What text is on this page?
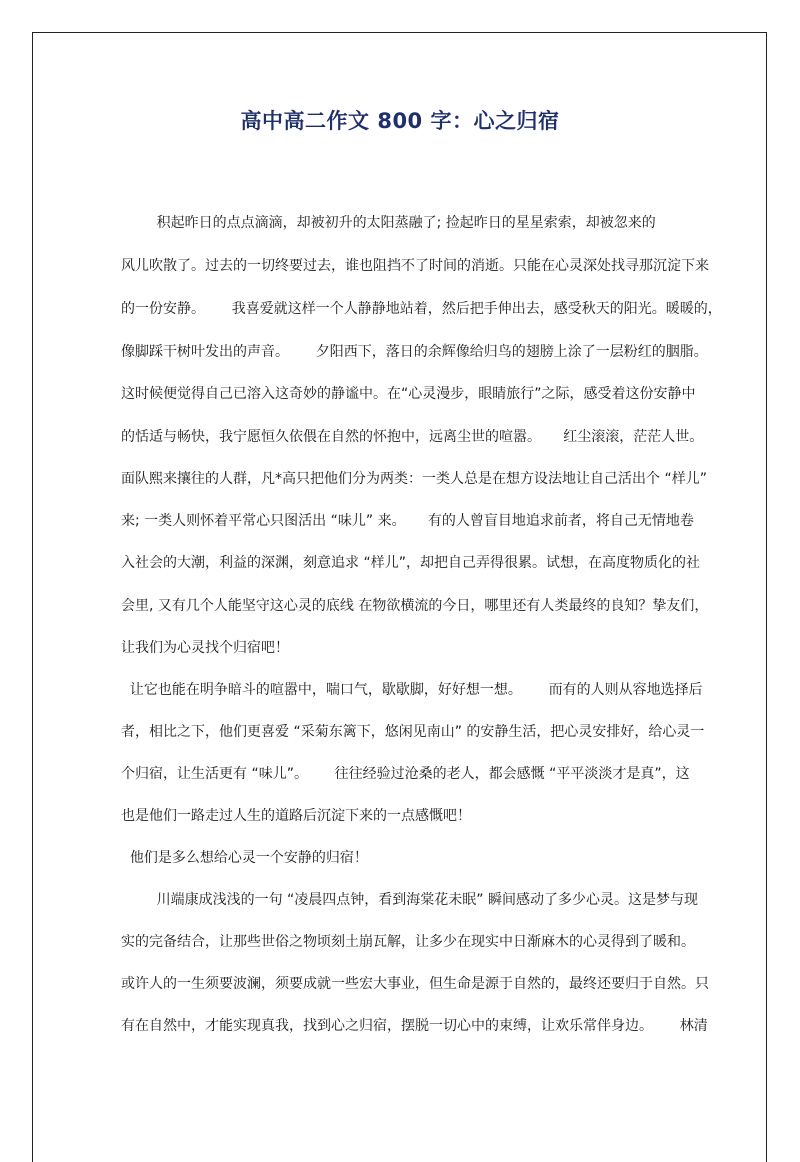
高中高二作文 800 字：心之归宿
积起昨日的点点滴滴，却被初升的太阳蒸融了; 捡起昨日的星星索索，却被忽来的
风儿吹散了。过去的一切终要过去，谁也阻挡不了时间的消逝。只能在心灵深处找寻那沉淀下来
的一份安静。      我喜爱就这样一个人静静地站着，然后把手伸出去，感受秋天的阳光。暖暖的，
像脚踩干树叶发出的声音。      夕阳西下，落日的余辉像给归鸟的翅膀上涂了一层粉红的胭脂。
这时候便觉得自己已溶入这奇妙的静谧中。在“心灵漫步，眼睛旅行”之际，感受着这份安静中
的恬适与畅快，我宁愿恒久依偎在自然的怀抱中，远离尘世的喧嚣。     红尘滚滚，茫茫人世。
面队熙来攘往的人群，凡*高只把他们分为两类：一类人总是在想方设法地让自己活出个 “样儿”
来; 一类人则怀着平常心只图活出 “味儿” 来。     有的人曾盲目地追求前者，将自己无情地卷
入社会的大潮，利益的深渊，刻意追求 “样儿”，却把自己弄得很累。试想，在高度物质化的社
会里, 又有几个人能坚守这心灵的底线 在物欲横流的今日，哪里还有人类最终的良知？挚友们，
让我们为心灵找个归宿吧！
让它也能在明争暗斗的喧嚣中，喘口气，歇歇脚，好好想一想。      而有的人则从容地选择后
者，相比之下，他们更喜爱 “采菊东篱下，悠闲见南山” 的安静生活，把心灵安排好，给心灵一
个归宿，让生活更有 “味儿”。      往往经验过沧桑的老人，都会感慨 “平平淡淡才是真”，这
也是他们一路走过人生的道路后沉淀下来的一点感慨吧！
他们是多么想给心灵一个安静的归宿！
川端康成浅浅的一句 “凌晨四点钟，看到海棠花未眠” 瞬间感动了多少心灵。这是梦与现
实的完备结合，让那些世俗之物顷刻土崩瓦解，让多少在现实中日渐麻木的心灵得到了暖和。
或许人的一生须要波澜，须要成就一些宏大事业，但生命是源于自然的，最终还要归于自然。只
有在自然中，才能实现真我，找到心之归宿，摆脱一切心中的束缚，让欢乐常伴身边。      林清
